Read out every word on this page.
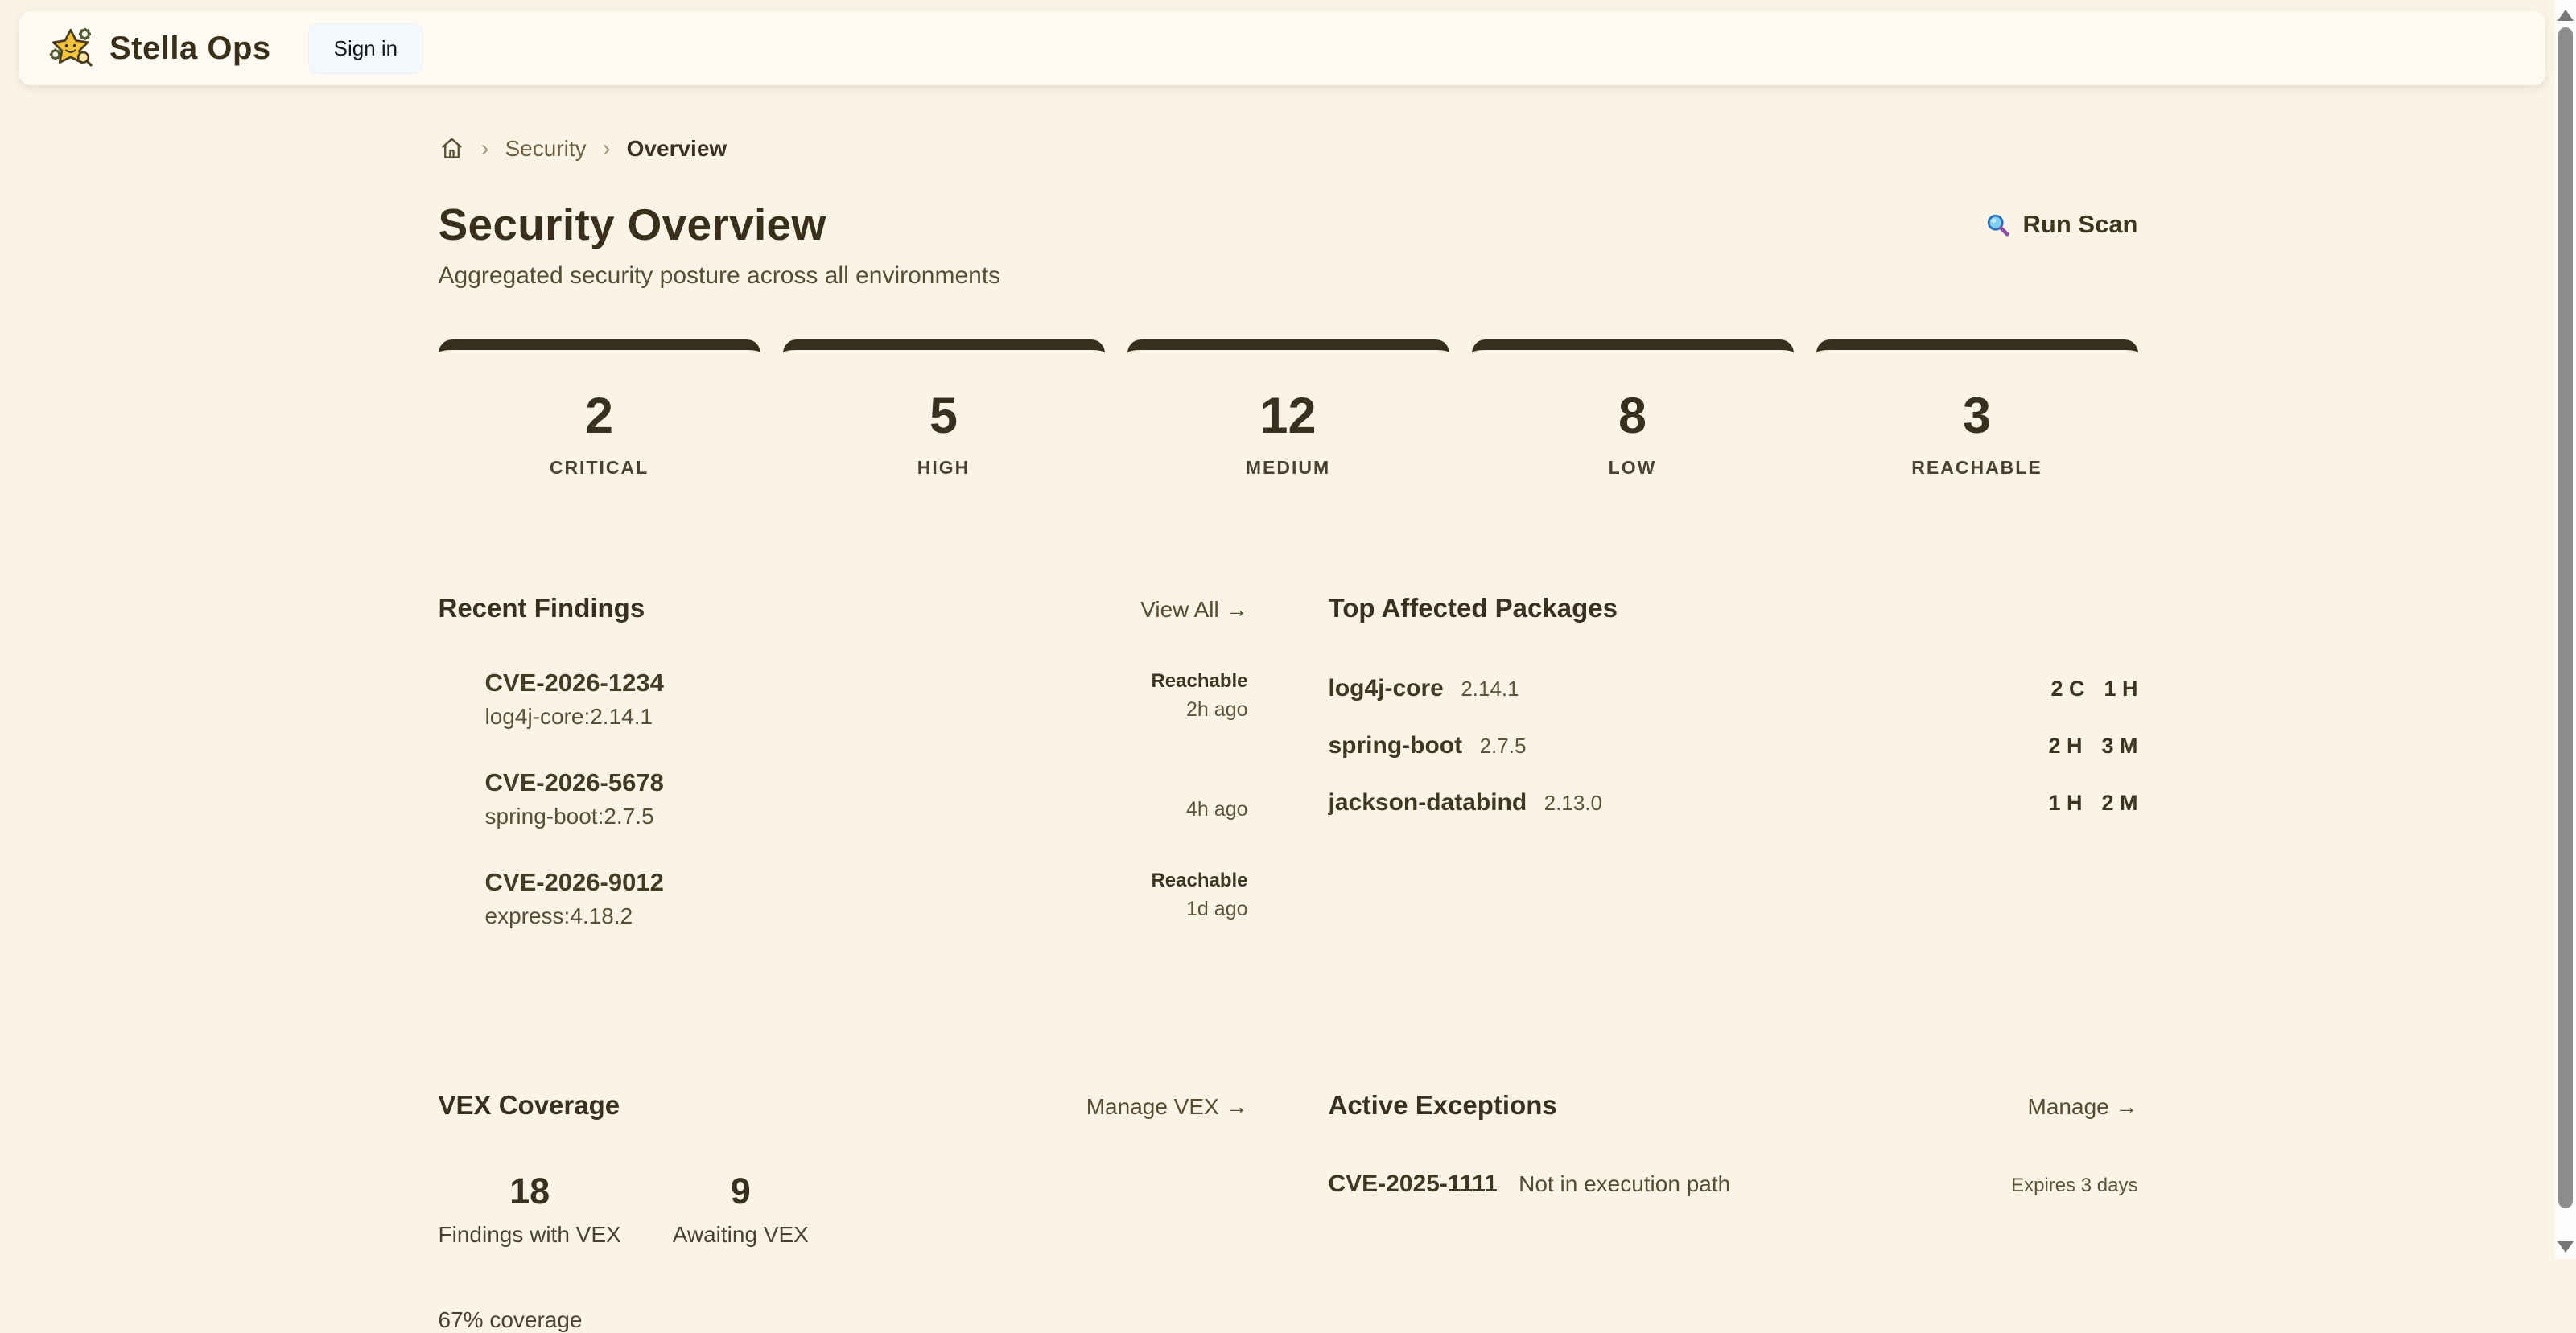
Stella Ops	Sign in
› Security › Overview
Security Overview	Run Scan

Aggregated security posture across all environments

2
CRITICAL
5
HIGH
12
MEDIUM
8
LOW
3
REACHABLE
Recent Findings	View All →
CVE-2026-1234
log4j-core:2.14.1
Reachable
2h ago
CVE-2026-5678
spring-boot:2.7.5	4h ago
CVE-2026-9012
express:4.18.2
Reachable
1d ago
Top Affected Packages
log4j-core 2.14.1	2 C 1 H
spring-boot 2.7.5	2 H 3 M
jackson-databind 2.13.0	1 H 2 M
VEX Coverage	Manage VEX →
18
Findings with VEX
9
Awaiting VEX
67% coverage
Active Exceptions	Manage →
CVE-2025-1111 Not in execution path	Expires 3 days
